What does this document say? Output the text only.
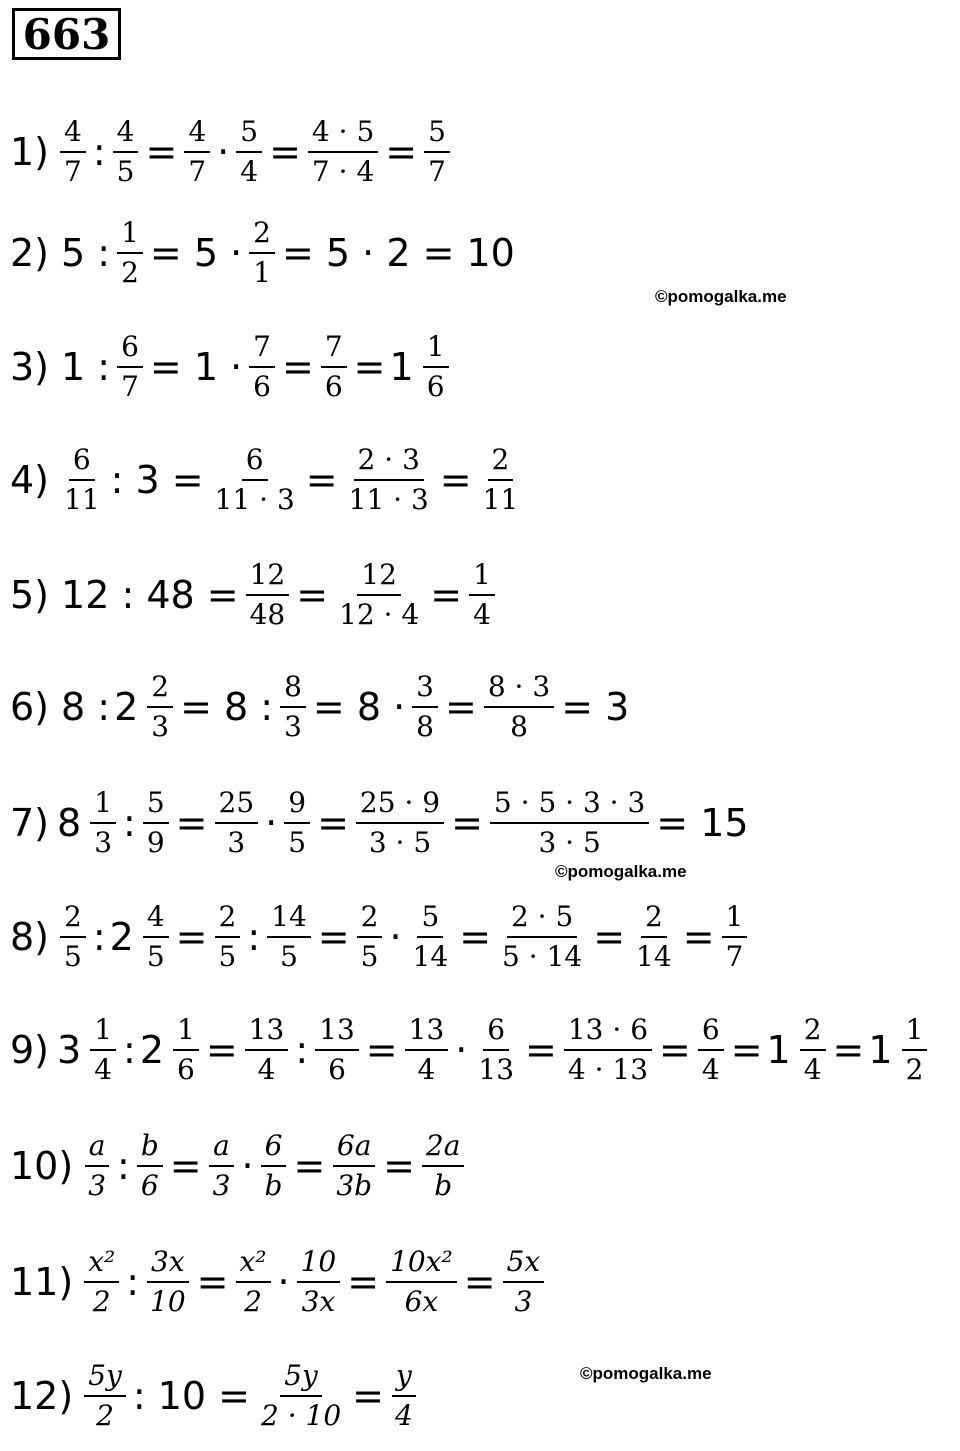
663
$1) \frac{4}{7}$ : $\frac{4}{5} = \frac{4}{7} \cdot \frac{5}{4} = \frac{4 \cdot 5}{7 \cdot 4} = \frac{5}{7}$
2) 5 : $\frac{1}{2} = 5 \cdot \frac{2}{1} = 5 \cdot 2 = 10$
3) 1 : $\frac{6}{7} = 1 \cdot \frac{7}{6} = \frac{7}{6} = 1 \frac{1}{6}$
$4) \frac{6}{11}$ : $3 = \frac{6}{11 \cdot 3} = \frac{2 \cdot 3}{11 \cdot 3} = \frac{2}{11}$
5) 12 : $48 = \frac{12}{48} = \frac{12}{12 \cdot 4} = \frac{1}{4}$
6) 8 : $2 \frac{2}{3} = 8$ : $\frac{8}{3} = 8 \cdot \frac{3}{8} = \frac{8 \cdot 3}{8} = 3$
7) $8 \frac{1}{3}$ : $\frac{5}{9} = \frac{25}{3} \cdot \frac{9}{5} = \frac{25 \cdot 9}{3 \cdot 5} = \frac{5 \cdot 5 \cdot 3 \cdot 3}{3 \cdot 5} = 15$
$8) \frac{2}{5}$ : $2 \frac{4}{5} = \frac{2}{5}$ : $\frac{14}{5} = \frac{2}{5} \cdot \frac{5}{14} = \frac{2 \cdot 5}{5 \cdot 14} = \frac{2}{14} = \frac{1}{7}$
9) $3 \frac{1}{4}$ : $2 \frac{1}{6} = \frac{13}{4}$ : $\frac{13}{6} = \frac{13}{4} \cdot \frac{6}{13} = \frac{13 \cdot 6}{4 \cdot 13} = \frac{6}{4} = 1 \frac{2}{4} = 1 \frac{1}{2}$
$10) \frac{a}{3}$ : $\frac{b}{6} = \frac{a}{3} \cdot \frac{6}{b} = \frac{6a}{3b} = \frac{2a}{b}$
$11) \frac{\text{x²}}{2}$ : $\frac{3x}{10} = \frac{\text{x²}}{2} \cdot \frac{10}{3x} = \frac{\text{10x²}}{6x} = \frac{5x}{3}$
$12) \frac{5y}{2}$ : $10 = \frac{5y}{2 \cdot 10} = \frac{y}{4}$
©pomogalka.me
©pomogalka.me
©pomogalka.me
